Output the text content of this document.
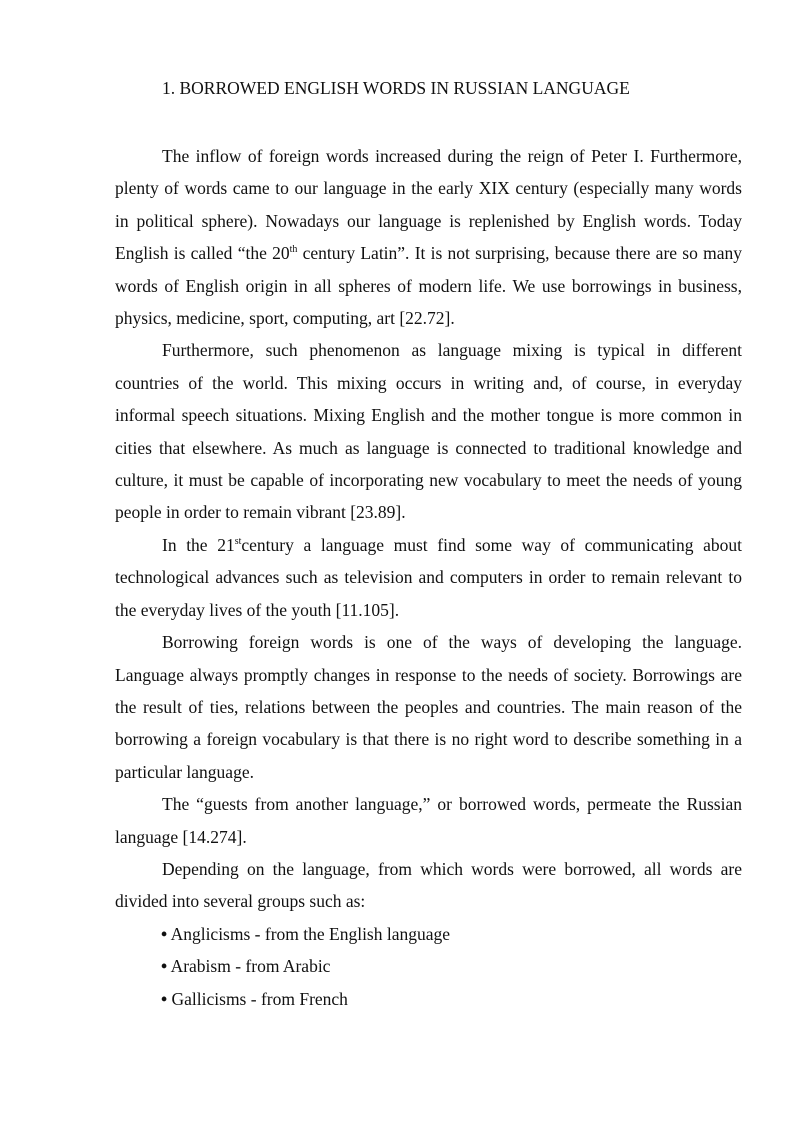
1. BORROWED ENGLISH WORDS IN RUSSIAN LANGUAGE

The inflow of foreign words increased during the reign of Peter I. Furthermore, plenty of words came to our language in the early XIX century (especially many words in political sphere). Nowadays our language is replenished by English words. Today English is called “the 20th century Latin”. It is not surprising, because there are so many words of English origin in all spheres of modern life. We use borrowings in business, physics, medicine, sport, computing, art [22.72].

Furthermore, such phenomenon as language mixing is typical in different countries of the world. This mixing occurs in writing and, of course, in everyday informal speech situations. Mixing English and the mother tongue is more common in cities that elsewhere. As much as language is connected to traditional knowledge and culture, it must be capable of incorporating new vocabulary to meet the needs of young people in order to remain vibrant [23.89].

In the 21stcentury a language must find some way of communicating about technological advances such as television and computers in order to remain relevant to the everyday lives of the youth [11.105].

Borrowing foreign words is one of the ways of developing the language. Language always promptly changes in response to the needs of society. Borrowings are the result of ties, relations between the peoples and countries. The main reason of the borrowing a foreign vocabulary is that there is no right word to describe something in a particular language.

The “guests from another language,” or borrowed words, permeate the Russian language [14.274].

Depending on the language, from which words were borrowed, all words are divided into several groups such as:

• Anglicisms - from the English language
• Arabism - from Arabic
• Gallicisms - from French
